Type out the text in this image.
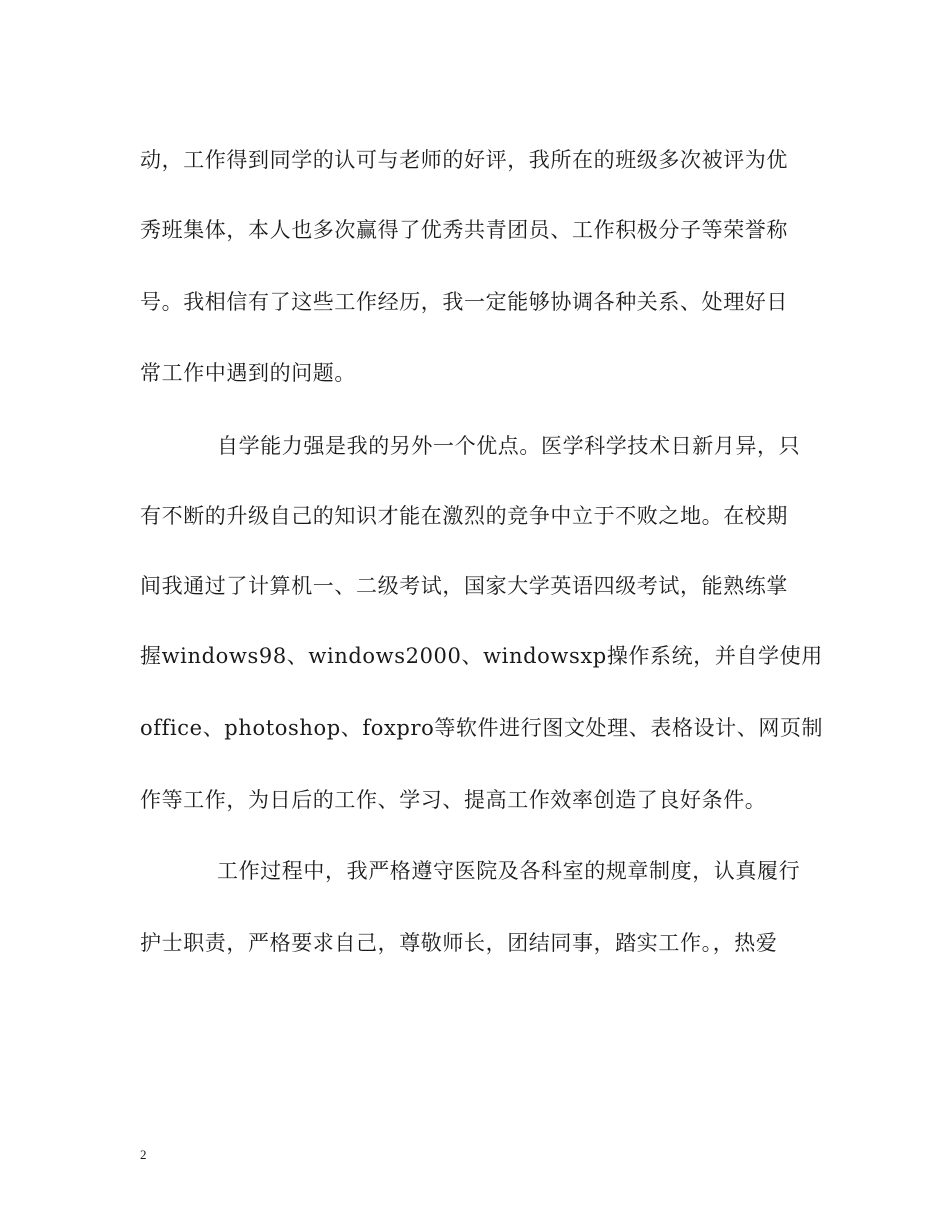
动，工作得到同学的认可与老师的好评，我所在的班级多次被评为优
秀班集体，本人也多次赢得了优秀共青团员、工作积极分子等荣誉称
号。我相信有了这些工作经历，我一定能够协调各种关系、处理好日
常工作中遇到的问题。
自学能力强是我的另外一个优点。医学科学技术日新月异，只
有不断的升级自己的知识才能在激烈的竞争中立于不败之地。在校期
间我通过了计算机一、二级考试，国家大学英语四级考试，能熟练掌
握windows98、windows2000、windowsxp操作系统，并自学使用
office、photoshop、foxpro等软件进行图文处理、表格设计、网页制
作等工作，为日后的工作、学习、提高工作效率创造了良好条件。
工作过程中，我严格遵守医院及各科室的规章制度，认真履行
护士职责，严格要求自己，尊敬师长，团结同事，踏实工作。，热爱
2
